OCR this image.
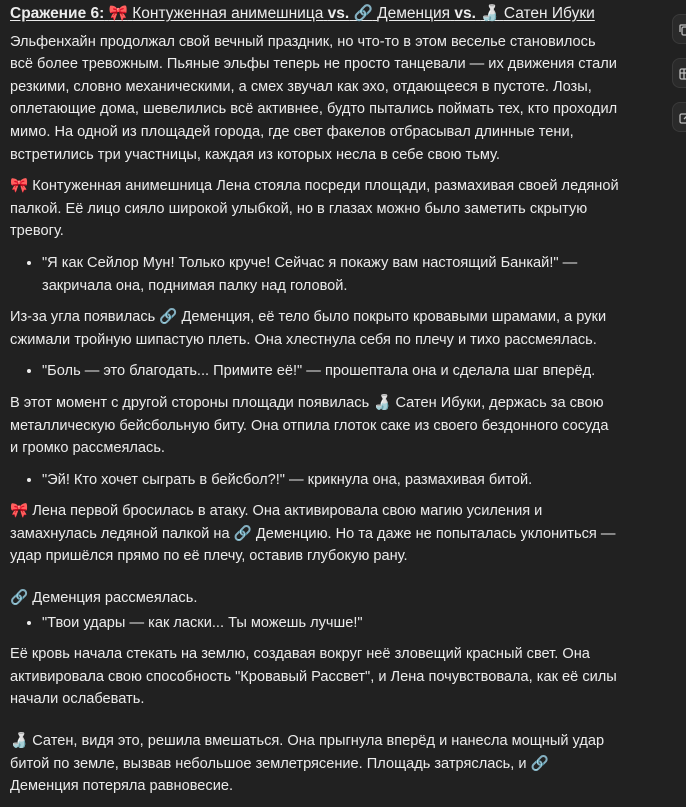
Сражение 6: 🎀 Контуженная анимешница vs. 🔗 Деменция vs. 🍶 Сатен Ибуки

Эльфенхайн продолжал свой вечный праздник, но что-то в этом веселье становилось всё более тревожным. Пьяные эльфы теперь не просто танцевали — их движения стали резкими, словно механическими, а смех звучал как эхо, отдающееся в пустоте. Лозы, оплетающие дома, шевелились всё активнее, будто пытались поймать тех, кто проходил мимо. На одной из площадей города, где свет факелов отбрасывал длинные тени, встретились три участницы, каждая из которых несла в себе свою тьму.

🎀 Контуженная анимешница Лена стояла посреди площади, размахивая своей ледяной палкой. Её лицо сияло широкой улыбкой, но в глазах можно было заметить скрытую тревогу.

• "Я как Сейлор Мун! Только круче! Сейчас я покажу вам настоящий Банкай!" — закричала она, поднимая палку над головой.

Из-за угла появилась 🔗 Деменция, её тело было покрыто кровавыми шрамами, а руки сжимали тройную шипастую плеть. Она хлестнула себя по плечу и тихо рассмеялась.

• "Боль — это благодать... Примите её!" — прошептала она и сделала шаг вперёд.

В этот момент с другой стороны площади появилась 🍶 Сатен Ибуки, держась за свою металлическую бейсбольную биту. Она отпила глоток саке из своего бездонного сосуда и громко рассмеялась.

• "Эй! Кто хочет сыграть в бейсбол?!" — крикнула она, размахивая битой.

🎀 Лена первой бросилась в атаку. Она активировала свою магию усиления и замахнулась ледяной палкой на 🔗 Деменцию. Но та даже не попыталась уклониться — удар пришёлся прямо по её плечу, оставив глубокую рану.

🔗 Деменция рассмеялась.

• "Твои удары — как ласки... Ты можешь лучше!"

Её кровь начала стекать на землю, создавая вокруг неё зловещий красный свет. Она активировала свою способность "Кровавый Рассвет", и Лена почувствовала, как её силы начали ослабевать.

🍶 Сатен, видя это, решила вмешаться. Она прыгнула вперёд и нанесла мощный удар битой по земле, вызвав небольшое землетрясение. Площадь затряслась, и 🔗 Деменция потеряла равновесие.
